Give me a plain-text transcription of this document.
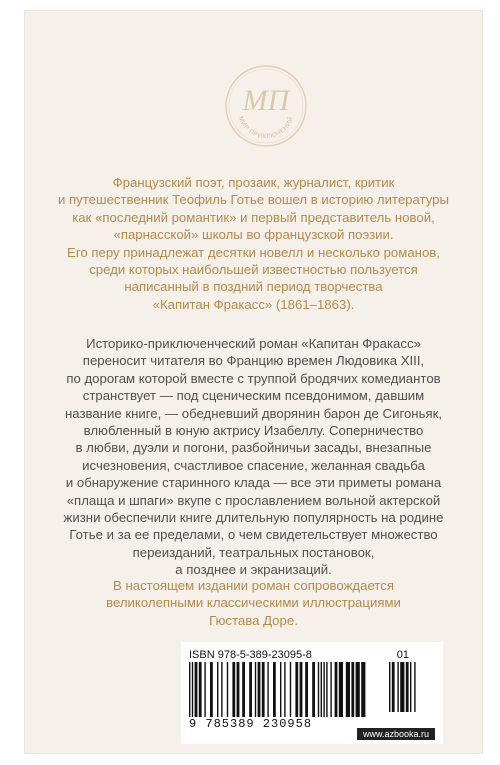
МП
МИР ПРИКЛЮЧЕНИЙ

Французский поэт, прозаик, журналист, критик
и путешественник Теофиль Готье вошел в историю литературы
как «последний романтик» и первый представитель новой,
«парнасской» школы во французской поэзии.
Его перу принадлежат десятки новелл и несколько романов,
среди которых наибольшей известностью пользуется
написанный в поздний период творчества
«Капитан Фракасс» (1861–1863).

Историко-приключенческий роман «Капитан Фракасс»
переносит читателя во Францию времен Людовика XIII,
по дорогам которой вместе с труппой бродячих комедиантов
странствует — под сценическим псевдонимом, давшим
название книге, — обедневший дворянин барон де Сигоньяк,
влюбленный в юную актрису Изабеллу. Соперничество
в любви, дуэли и погони, разбойничьи засады, внезапные
исчезновения, счастливое спасение, желанная свадьба
и обнаружение старинного клада — все эти приметы романа
«плаща и шпаги» вкупе с прославлением вольной актерской
жизни обеспечили книге длительную популярность на родине
Готье и за ее пределами, о чем свидетельствует множество
переизданий, театральных постановок,
а позднее и экранизаций.

В настоящем издании роман сопровождается
великолепными классическими иллюстрациями
Гюстава Доре.

ISBN 978-5-389-23095-8	01
9 785389 230958
www.azbooka.ru
